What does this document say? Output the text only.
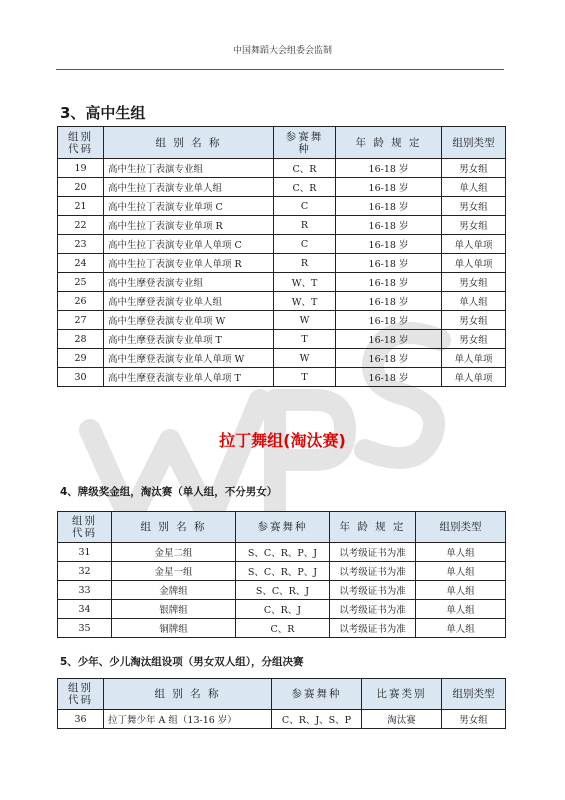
中国舞蹈大会组委会监制
3、高中生组
组别代码	组 别 名 称	参赛舞种	年 龄 规 定	组别类型
19	高中生拉丁表演专业组	C、R	16-18 岁	男女组
20	高中生拉丁表演专业单人组	C、R	16-18 岁	单人组
21	高中生拉丁表演专业单项 C	C	16-18 岁	男女组
22	高中生拉丁表演专业单项 R	R	16-18 岁	男女组
23	高中生拉丁表演专业单人单项 C	C	16-18 岁	单人单项
24	高中生拉丁表演专业单人单项 R	R	16-18 岁	单人单项
25	高中生摩登表演专业组	W、T	16-18 岁	男女组
26	高中生摩登表演专业单人组	W、T	16-18 岁	单人组
27	高中生摩登表演专业单项 W	W	16-18 岁	男女组
28	高中生摩登表演专业单项 T	T	16-18 岁	男女组
29	高中生摩登表演专业单人单项 W	W	16-18 岁	单人单项
30	高中生摩登表演专业单人单项 T	T	16-18 岁	单人单项
拉丁舞组(淘汰赛)
4、牌级奖金组，淘汰赛（单人组，不分男女）
组别代码	组 别 名 称	参赛舞种	年 龄 规 定	组别类型
31	金星二组	S、C、R、P、J	以考级证书为准	单人组
32	金星一组	S、C、R、P、J	以考级证书为准	单人组
33	金牌组	S、C、R、J	以考级证书为准	单人组
34	银牌组	C、R、J	以考级证书为准	单人组
35	铜牌组	C、R	以考级证书为准	单人组
5、少年、少儿淘汰组设项（男女双人组），分组决赛
组别代码	组 别 名 称	参赛舞种	比赛类别	组别类型
36	拉丁舞少年 A 组（13-16 岁）	C、R、J、S、P	淘汰赛	男女组
